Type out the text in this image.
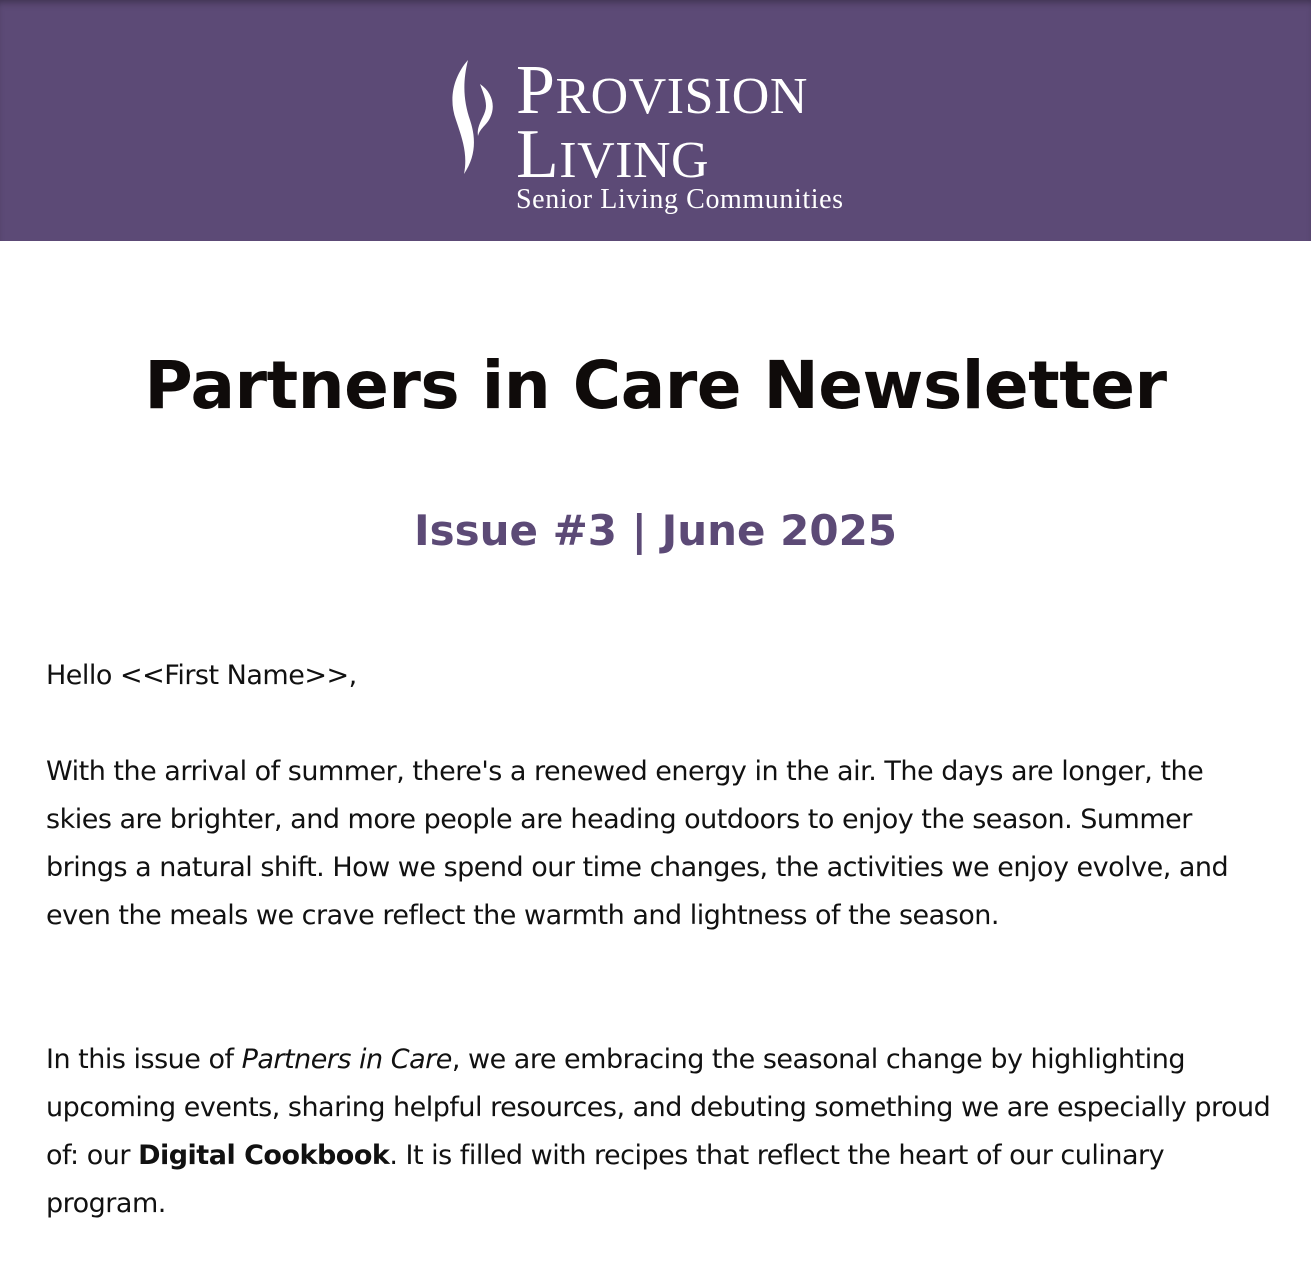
PROVISION
LIVING
Senior Living Communities
Partners in Care Newsletter
Issue #3 | June 2025

Hello <<First Name>>,

With the arrival of summer, there's a renewed energy in the air. The days are longer, the skies are brighter, and more people are heading outdoors to enjoy the season. Summer brings a natural shift. How we spend our time changes, the activities we enjoy evolve, and even the meals we crave reflect the warmth and lightness of the season.

In this issue of Partners in Care, we are embracing the seasonal change by highlighting upcoming events, sharing helpful resources, and debuting something we are especially proud of: our Digital Cookbook. It is filled with recipes that reflect the heart of our culinary program.
